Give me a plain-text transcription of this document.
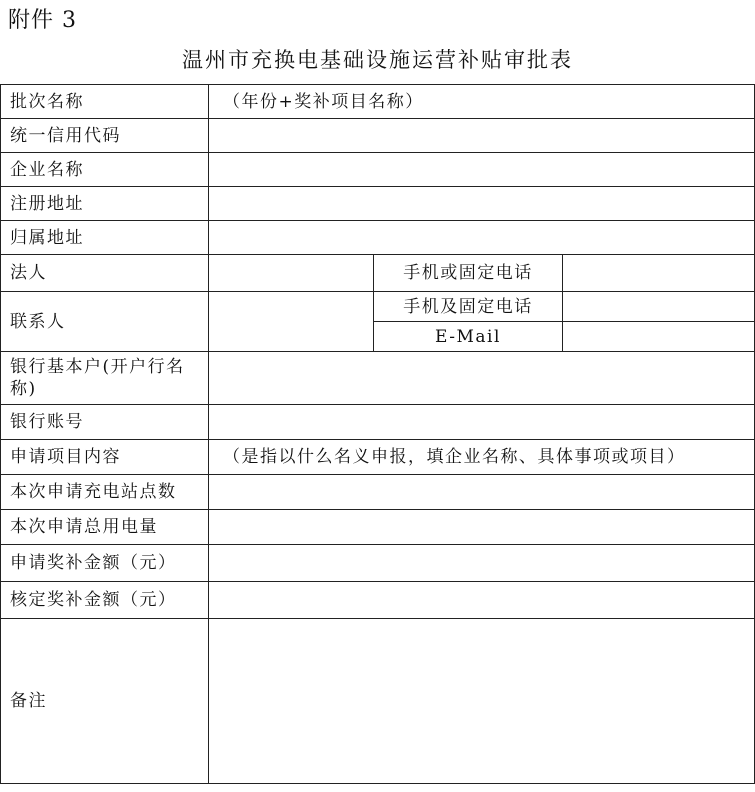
附件 3
温州市充换电基础设施运营补贴审批表
批次名称	（年份+奖补项目名称）		
统一信用代码			
企业名称			
注册地址			
归属地址			
法人		手机或固定电话	
联系人		手机及固定电话	
		E-Mail	
银行基本户(开户行名称)			
银行账号			
申请项目内容	（是指以什么名义申报，填企业名称、具体事项或项目）		
本次申请充电站点数			
本次申请总用电量			
申请奖补金额（元）			
核定奖补金额（元）			
备注			
